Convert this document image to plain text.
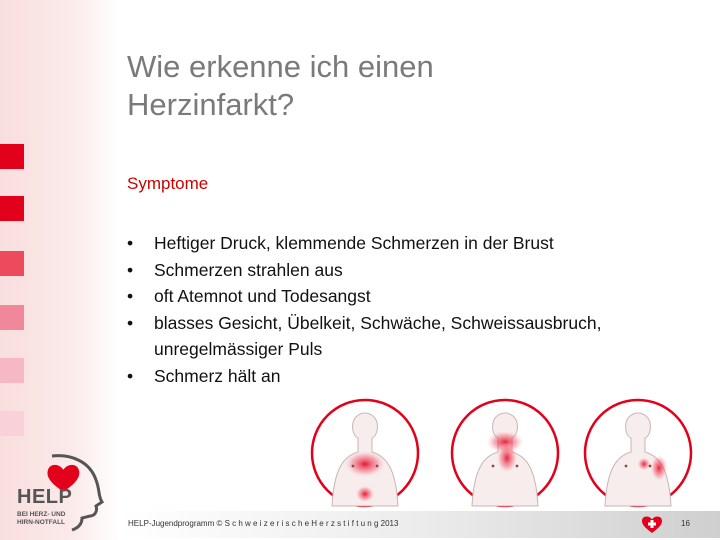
Wie erkenne ich einen
Herzinfarkt?
Symptome
• Heftiger Druck, klemmende Schmerzen in der Brust
• Schmerzen strahlen aus
• oft Atemnot und Todesangst
• blasses Gesicht, Übelkeit, Schwäche, Schweissausbruch, unregelmässiger Puls
• Schmerz hält an
HELP-Jugendprogramm © S c h w e i z e r i s c h e H e r z s t i f t u n g 2013	16
HELP
BEI HERZ- UND
HIRN-NOTFALL
